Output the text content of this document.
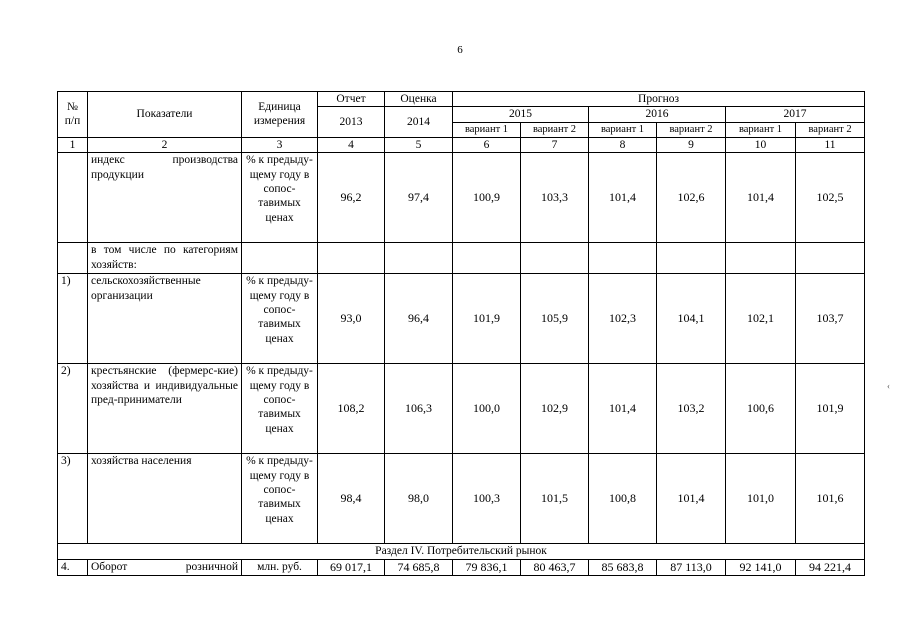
6
‹
№ п/п	Показатели	Единица измерения	Отчет	Оценка	Прогноз					
			2013	2014	2015		2016		2017	
					вариант 1	вариант 2	вариант 1	вариант 2	вариант 1	вариант 2
1	2	3	4	5	6	7	8	9	10	11
	индекс производства продукции	% к предыду-щему году в сопос-тавимых ценах	96,2	97,4	100,9	103,3	101,4	102,6	101,4	102,5
	в том числе по категориям хозяйств:									
1)	сельскохозяйственные организации	% к предыду-щему году в сопос-тавимых ценах	93,0	96,4	101,9	105,9	102,3	104,1	102,1	103,7
2)	крестьянские (фермерс-кие) хозяйства и индивидуальные пред-приниматели	% к предыду-щему году в сопос-тавимых ценах	108,2	106,3	100,0	102,9	101,4	103,2	100,6	101,9
3)	хозяйства населения	% к предыду-щему году в сопос-тавимых ценах	98,4	98,0	100,3	101,5	100,8	101,4	101,0	101,6
Раздел IV. Потребительский рынок										
4.	Оборот розничной	млн. руб.	69 017,1	74 685,8	79 836,1	80 463,7	85 683,8	87 113,0	92 141,0	94 221,4
